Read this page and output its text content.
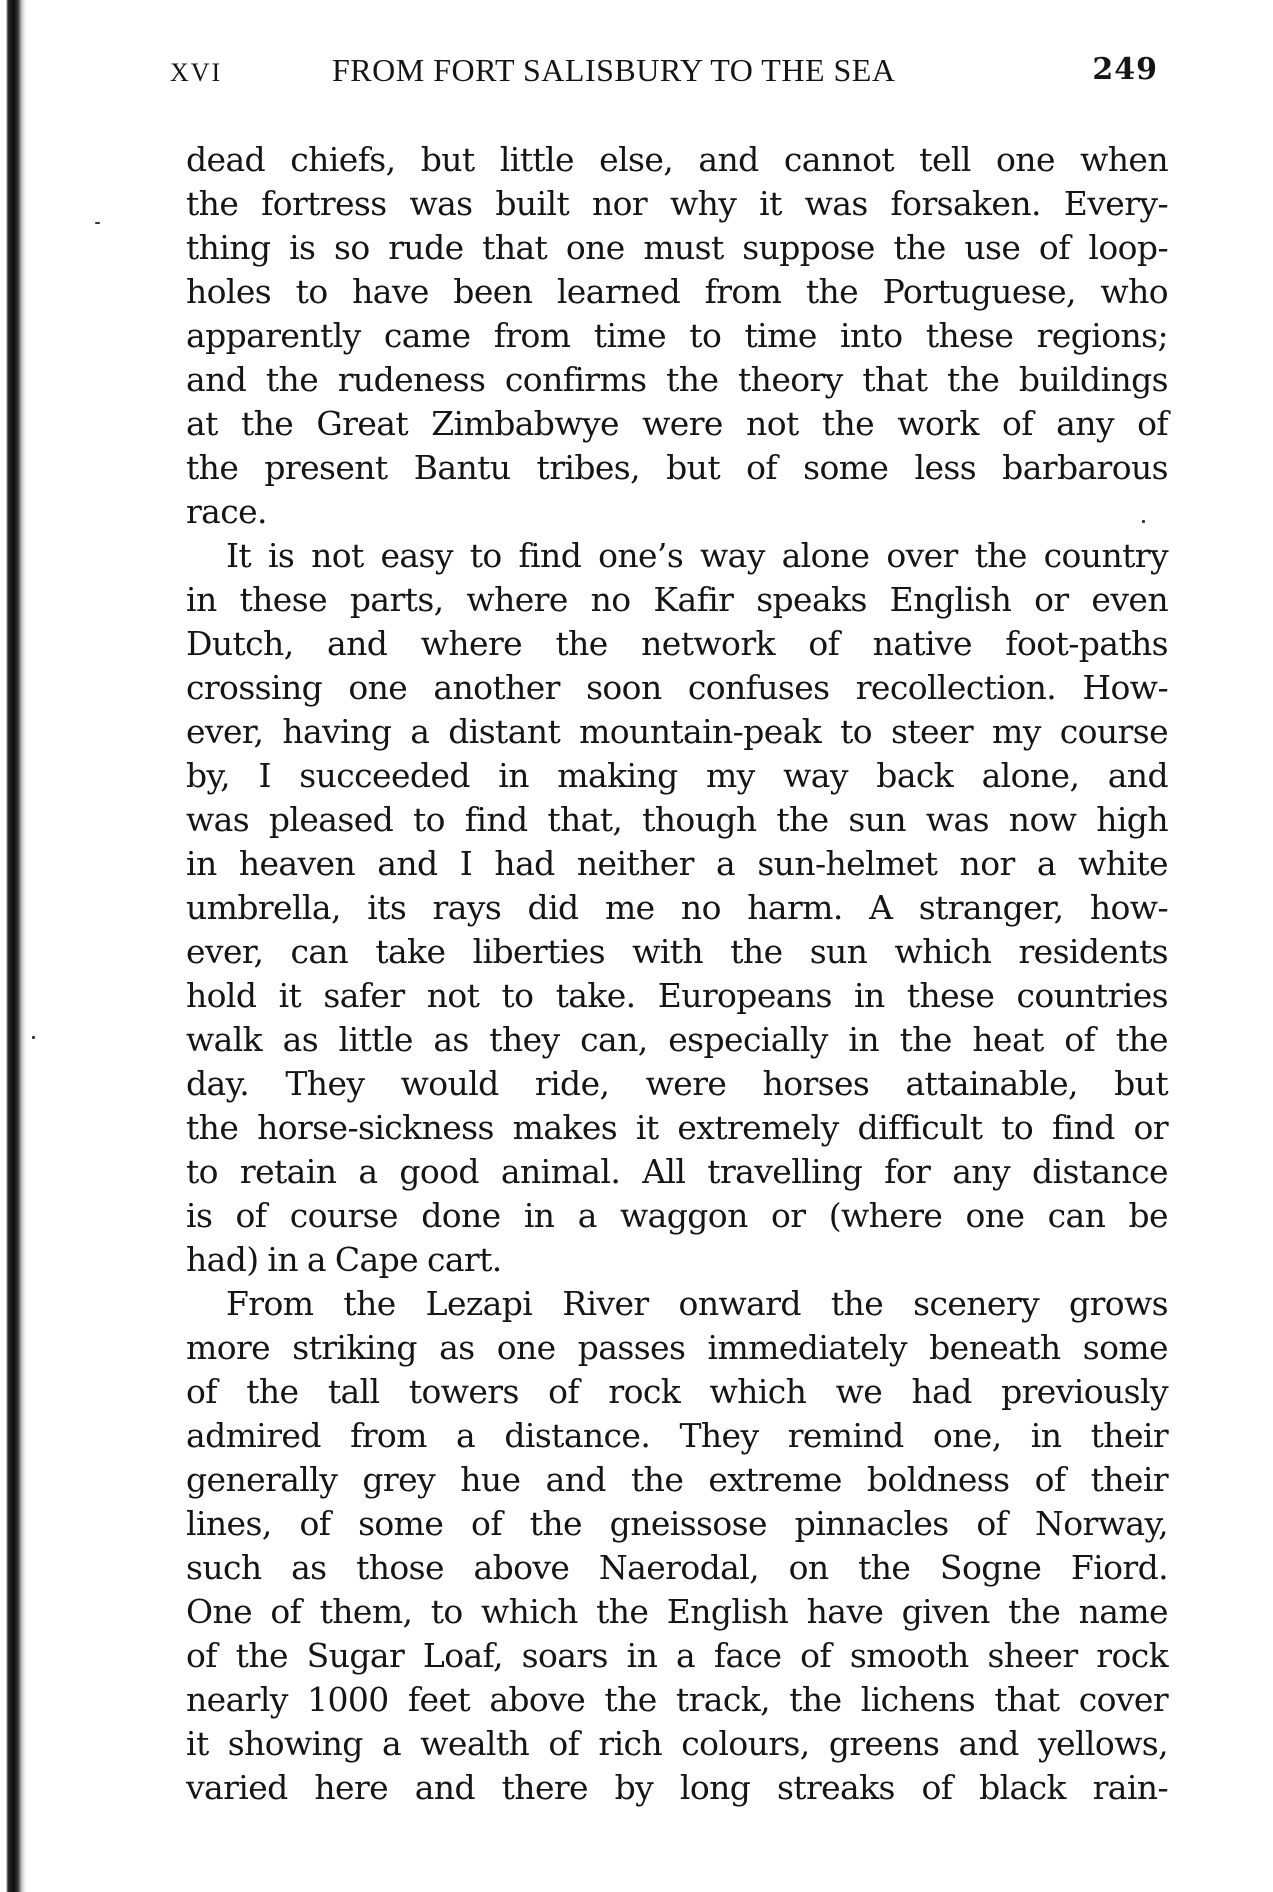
XVI	FROM FORT SALISBURY TO THE SEA	249
dead chiefs, but little else, and cannot tell one when
the fortress was built nor why it was forsaken. Every-
thing is so rude that one must suppose the use of loop-
holes to have been learned from the Portuguese, who
apparently came from time to time into these regions;
and the rudeness confirms the theory that the buildings
at the Great Zimbabwye were not the work of any of
the present Bantu tribes, but of some less barbarous
race.
It is not easy to find one’s way alone over the country
in these parts, where no Kafir speaks English or even
Dutch, and where the network of native foot-paths
crossing one another soon confuses recollection. How-
ever, having a distant mountain-peak to steer my course
by, I succeeded in making my way back alone, and
was pleased to find that, though the sun was now high
in heaven and I had neither a sun-helmet nor a white
umbrella, its rays did me no harm. A stranger, how-
ever, can take liberties with the sun which residents
hold it safer not to take. Europeans in these countries
walk as little as they can, especially in the heat of the
day. They would ride, were horses attainable, but
the horse-sickness makes it extremely difficult to find or
to retain a good animal. All travelling for any distance
is of course done in a waggon or (where one can be
had) in a Cape cart.
From the Lezapi River onward the scenery grows
more striking as one passes immediately beneath some
of the tall towers of rock which we had previously
admired from a distance. They remind one, in their
generally grey hue and the extreme boldness of their
lines, of some of the gneissose pinnacles of Norway,
such as those above Naerodal, on the Sogne Fiord.
One of them, to which the English have given the name
of the Sugar Loaf, soars in a face of smooth sheer rock
nearly 1000 feet above the track, the lichens that cover
it showing a wealth of rich colours, greens and yellows,
varied here and there by long streaks of black rain-
